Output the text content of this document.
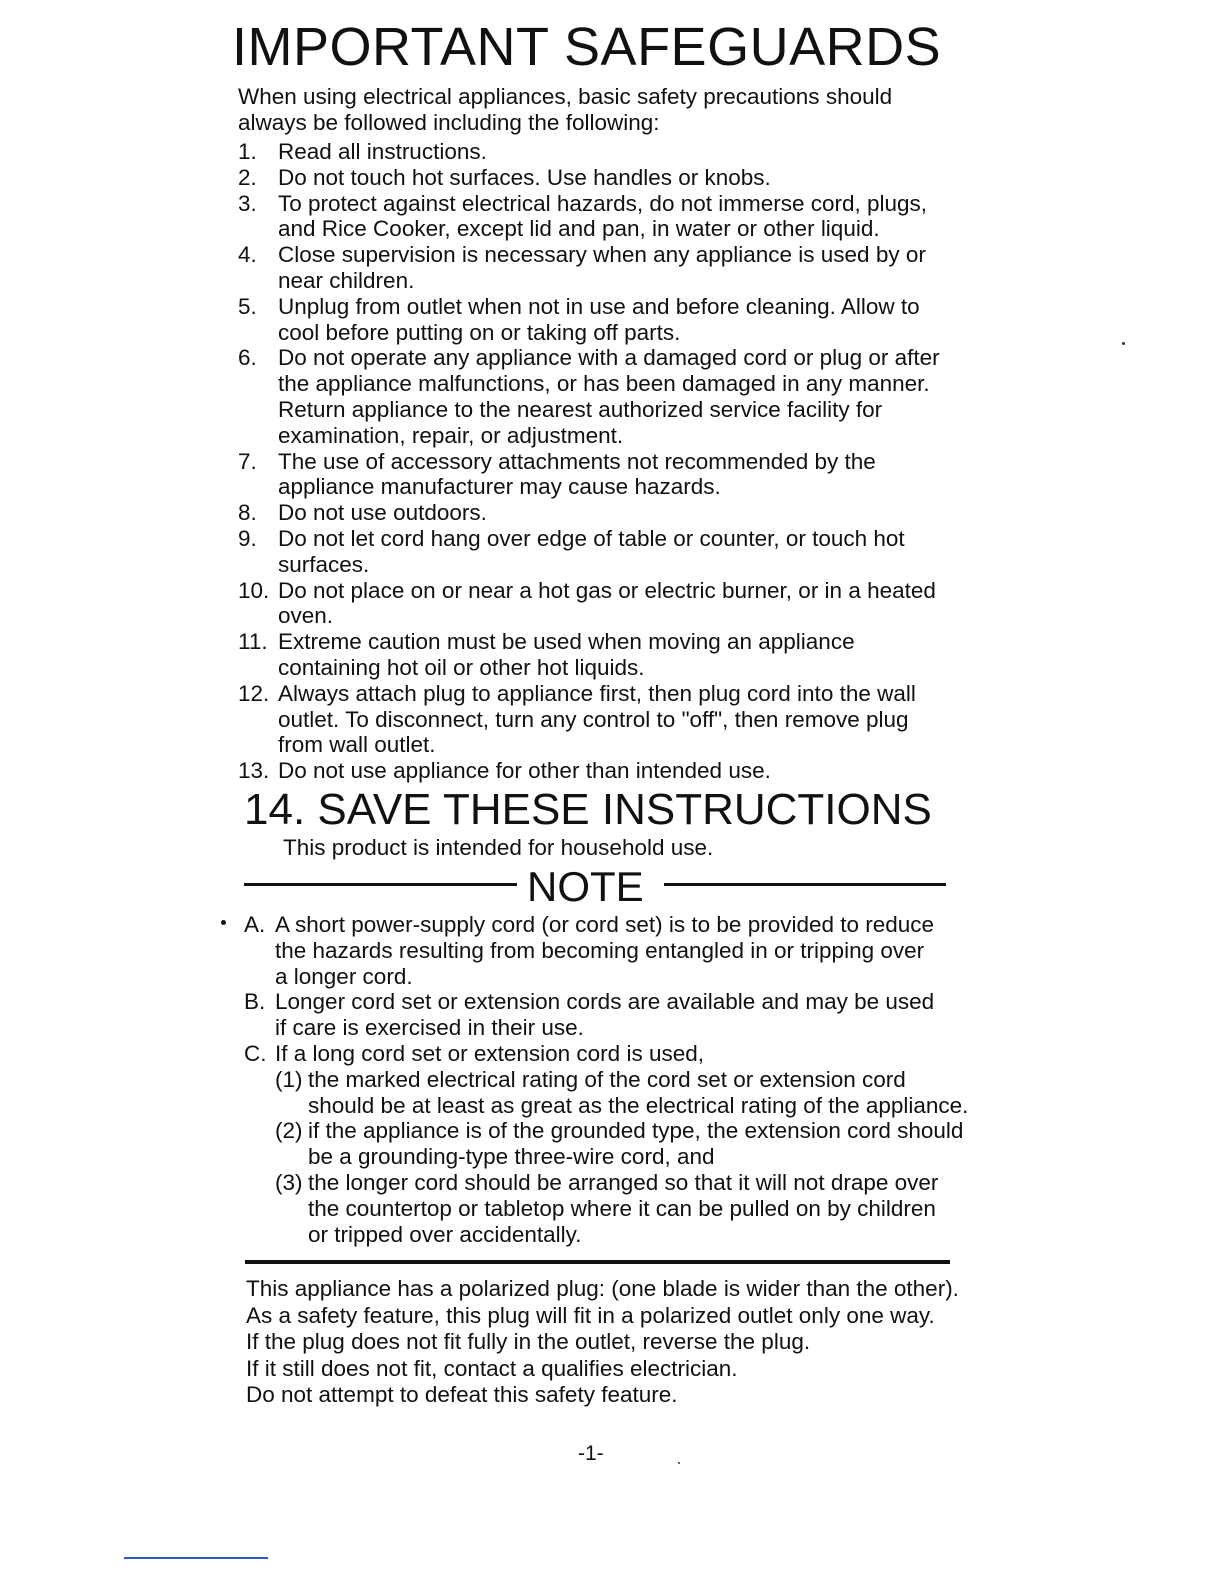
IMPORTANT SAFEGUARDS
When using electrical appliances, basic safety precautions should
always be followed including the following:
1. Read all instructions.
2. Do not touch hot surfaces. Use handles or knobs.
3. To protect against electrical hazards, do not immerse cord, plugs,
and Rice Cooker, except lid and pan, in water or other liquid.
4. Close supervision is necessary when any appliance is used by or
near children.
5. Unplug from outlet when not in use and before cleaning. Allow to
cool before putting on or taking off parts.
6. Do not operate any appliance with a damaged cord or plug or after
the appliance malfunctions, or has been damaged in any manner.
Return appliance to the nearest authorized service facility for
examination, repair, or adjustment.
7. The use of accessory attachments not recommended by the
appliance manufacturer may cause hazards.
8. Do not use outdoors.
9. Do not let cord hang over edge of table or counter, or touch hot
surfaces.
10. Do not place on or near a hot gas or electric burner, or in a heated
oven.
11. Extreme caution must be used when moving an appliance
containing hot oil or other hot liquids.
12. Always attach plug to appliance first, then plug cord into the wall
outlet. To disconnect, turn any control to "off", then remove plug
from wall outlet.
13. Do not use appliance for other than intended use.
14. SAVE THESE INSTRUCTIONS
This product is intended for household use.
NOTE
A. A short power-supply cord (or cord set) is to be provided to reduce
the hazards resulting from becoming entangled in or tripping over
a longer cord.
B. Longer cord set or extension cords are available and may be used
if care is exercised in their use.
C. If a long cord set or extension cord is used,
(1) the marked electrical rating of the cord set or extension cord
should be at least as great as the electrical rating of the appliance.
(2) if the appliance is of the grounded type, the extension cord should
be a grounding-type three-wire cord, and
(3) the longer cord should be arranged so that it will not drape over
the countertop or tabletop where it can be pulled on by children
or tripped over accidentally.
This appliance has a polarized plug: (one blade is wider than the other).
As a safety feature, this plug will fit in a polarized outlet only one way.
If the plug does not fit fully in the outlet, reverse the plug.
If it still does not fit, contact a qualifies electrician.
Do not attempt to defeat this safety feature.
-1-
